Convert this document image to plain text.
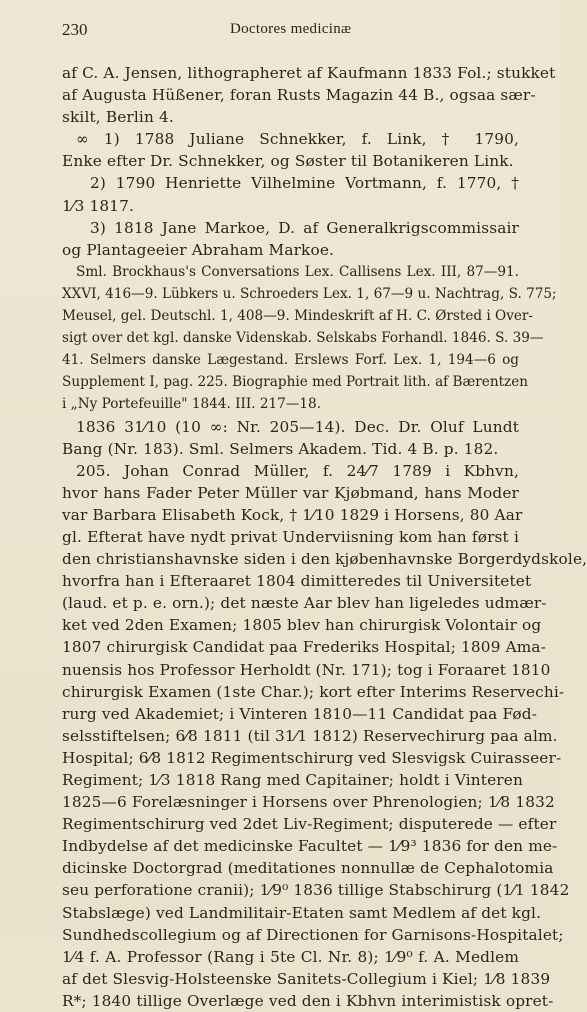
230	Doctores medicinæ
af C. A. Jensen, lithographeret af Kaufmann 1833 Fol.; stukket
af Augusta Hüßener, foran Rusts Magazin 44 B., ogsaa sær-
skilt, Berlin 4.
∞ 1) 1788 Juliane Schnekker, f. Link, † 1790,
Enke efter Dr. Schnekker, og Søster til Botanikeren Link.
2) 1790 Henriette Vilhelmine Vortmann, f. 1770, †
1⁄3 1817.
3) 1818 Jane Markoe, D. af Generalkrigscommissair
og Plantageeier Abraham Markoe.
Sml. Brockhaus's Conversations Lex. Callisens Lex. III, 87—91.
XXVI, 416—9. Lübkers u. Schroeders Lex. 1, 67—9 u. Nachtrag, S. 775;
Meusel, gel. Deutschl. 1, 408—9. Mindeskrift af H. C. Ørsted i Over-
sigt over det kgl. danske Videnskab. Selskabs Forhandl. 1846. S. 39—
41. Selmers danske Lægestand. Erslews Forf. Lex. 1, 194—6 og
Supplement I, pag. 225. Biographie med Portrait lith. af Bærentzen
i „Ny Portefeuille" 1844. III. 217—18.
1836 31⁄10 (10 ∞: Nr. 205—14). Dec. Dr. Oluf Lundt
Bang (Nr. 183). Sml. Selmers Akadem. Tid. 4 B. p. 182.
205. Johan Conrad Müller, f. 24⁄7 1789 i Kbhvn,
hvor hans Fader Peter Müller var Kjøbmand, hans Moder
var Barbara Elisabeth Kock, † 1⁄10 1829 i Horsens, 80 Aar
gl. Efterat have nydt privat Underviisning kom han først i
den christianshavnske siden i den kjøbenhavnske Borgerdydskole,
hvorfra han i Efteraaret 1804 dimitteredes til Universitetet
(laud. et p. e. orn.); det næste Aar blev han ligeledes udmær-
ket ved 2den Examen; 1805 blev han chirurgisk Volontair og
1807 chirurgisk Candidat paa Frederiks Hospital; 1809 Ama-
nuensis hos Professor Herholdt (Nr. 171); tog i Foraaret 1810
chirurgisk Examen (1ste Char.); kort efter Interims Reservechi-
rurg ved Akademiet; i Vinteren 1810—11 Candidat paa Fød-
selsstiftelsen; 6⁄8 1811 (til 31⁄1 1812) Reservechirurg paa alm.
Hospital; 6⁄8 1812 Regimentschirurg ved Slesvigsk Cuirasseer-
Regiment; 1⁄3 1818 Rang med Capitainer; holdt i Vinteren
1825—6 Forelæsninger i Horsens over Phrenologien; 1⁄8 1832
Regimentschirurg ved 2det Liv-Regiment; disputerede — efter
Indbydelse af det medicinske Facultet — 1⁄9³ 1836 for den me-
dicinske Doctorgrad (meditationes nonnullæ de Cephalotomia
seu perforatione cranii); 1⁄9⁰ 1836 tillige Stabschirurg (1⁄1 1842
Stabslæge) ved Landmilitair-Etaten samt Medlem af det kgl.
Sundhedscollegium og af Directionen for Garnisons-Hospitalet;
1⁄4 f. A. Professor (Rang i 5te Cl. Nr. 8); 1⁄9⁰ f. A. Medlem
af det Slesvig-Holsteenske Sanitets-Collegium i Kiel; 1⁄8 1839
R*; 1840 tillige Overlæge ved den i Kbhvn interimistisk opret-
